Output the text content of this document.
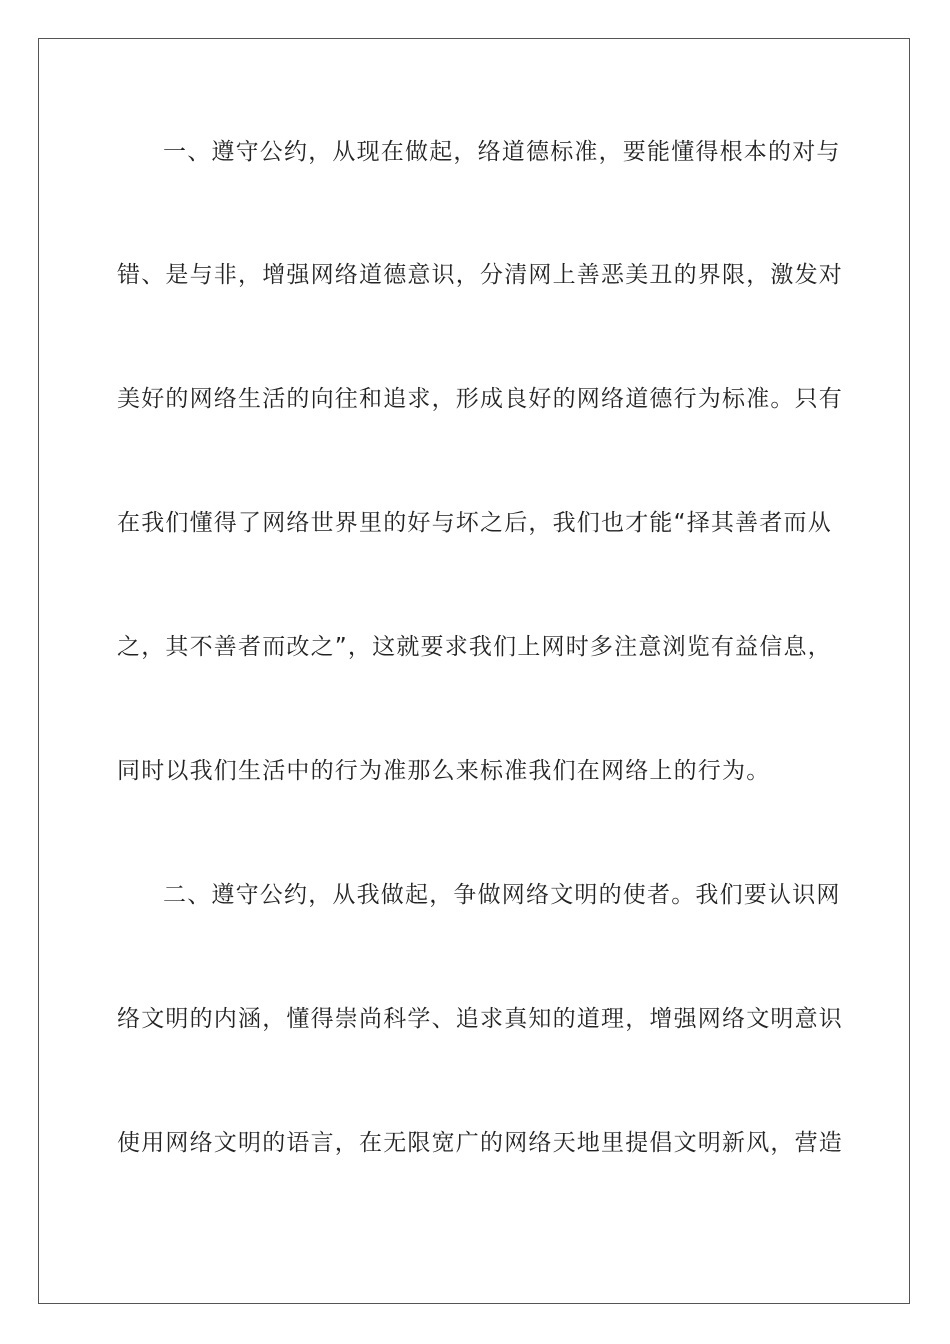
一、遵守公约，从现在做起，络道德标准，要能懂得根本的对与
错、是与非，增强网络道德意识，分清网上善恶美丑的界限，激发对
美好的网络生活的向往和追求，形成良好的网络道德行为标准。只有
在我们懂得了网络世界里的好与坏之后，我们也才能“择其善者而从
之，其不善者而改之”，这就要求我们上网时多注意浏览有益信息，
同时以我们生活中的行为准那么来标准我们在网络上的行为。
二、遵守公约，从我做起，争做网络文明的使者。我们要认识网
络文明的内涵，懂得崇尚科学、追求真知的道理，增强网络文明意识
使用网络文明的语言，在无限宽广的网络天地里提倡文明新风，营造
